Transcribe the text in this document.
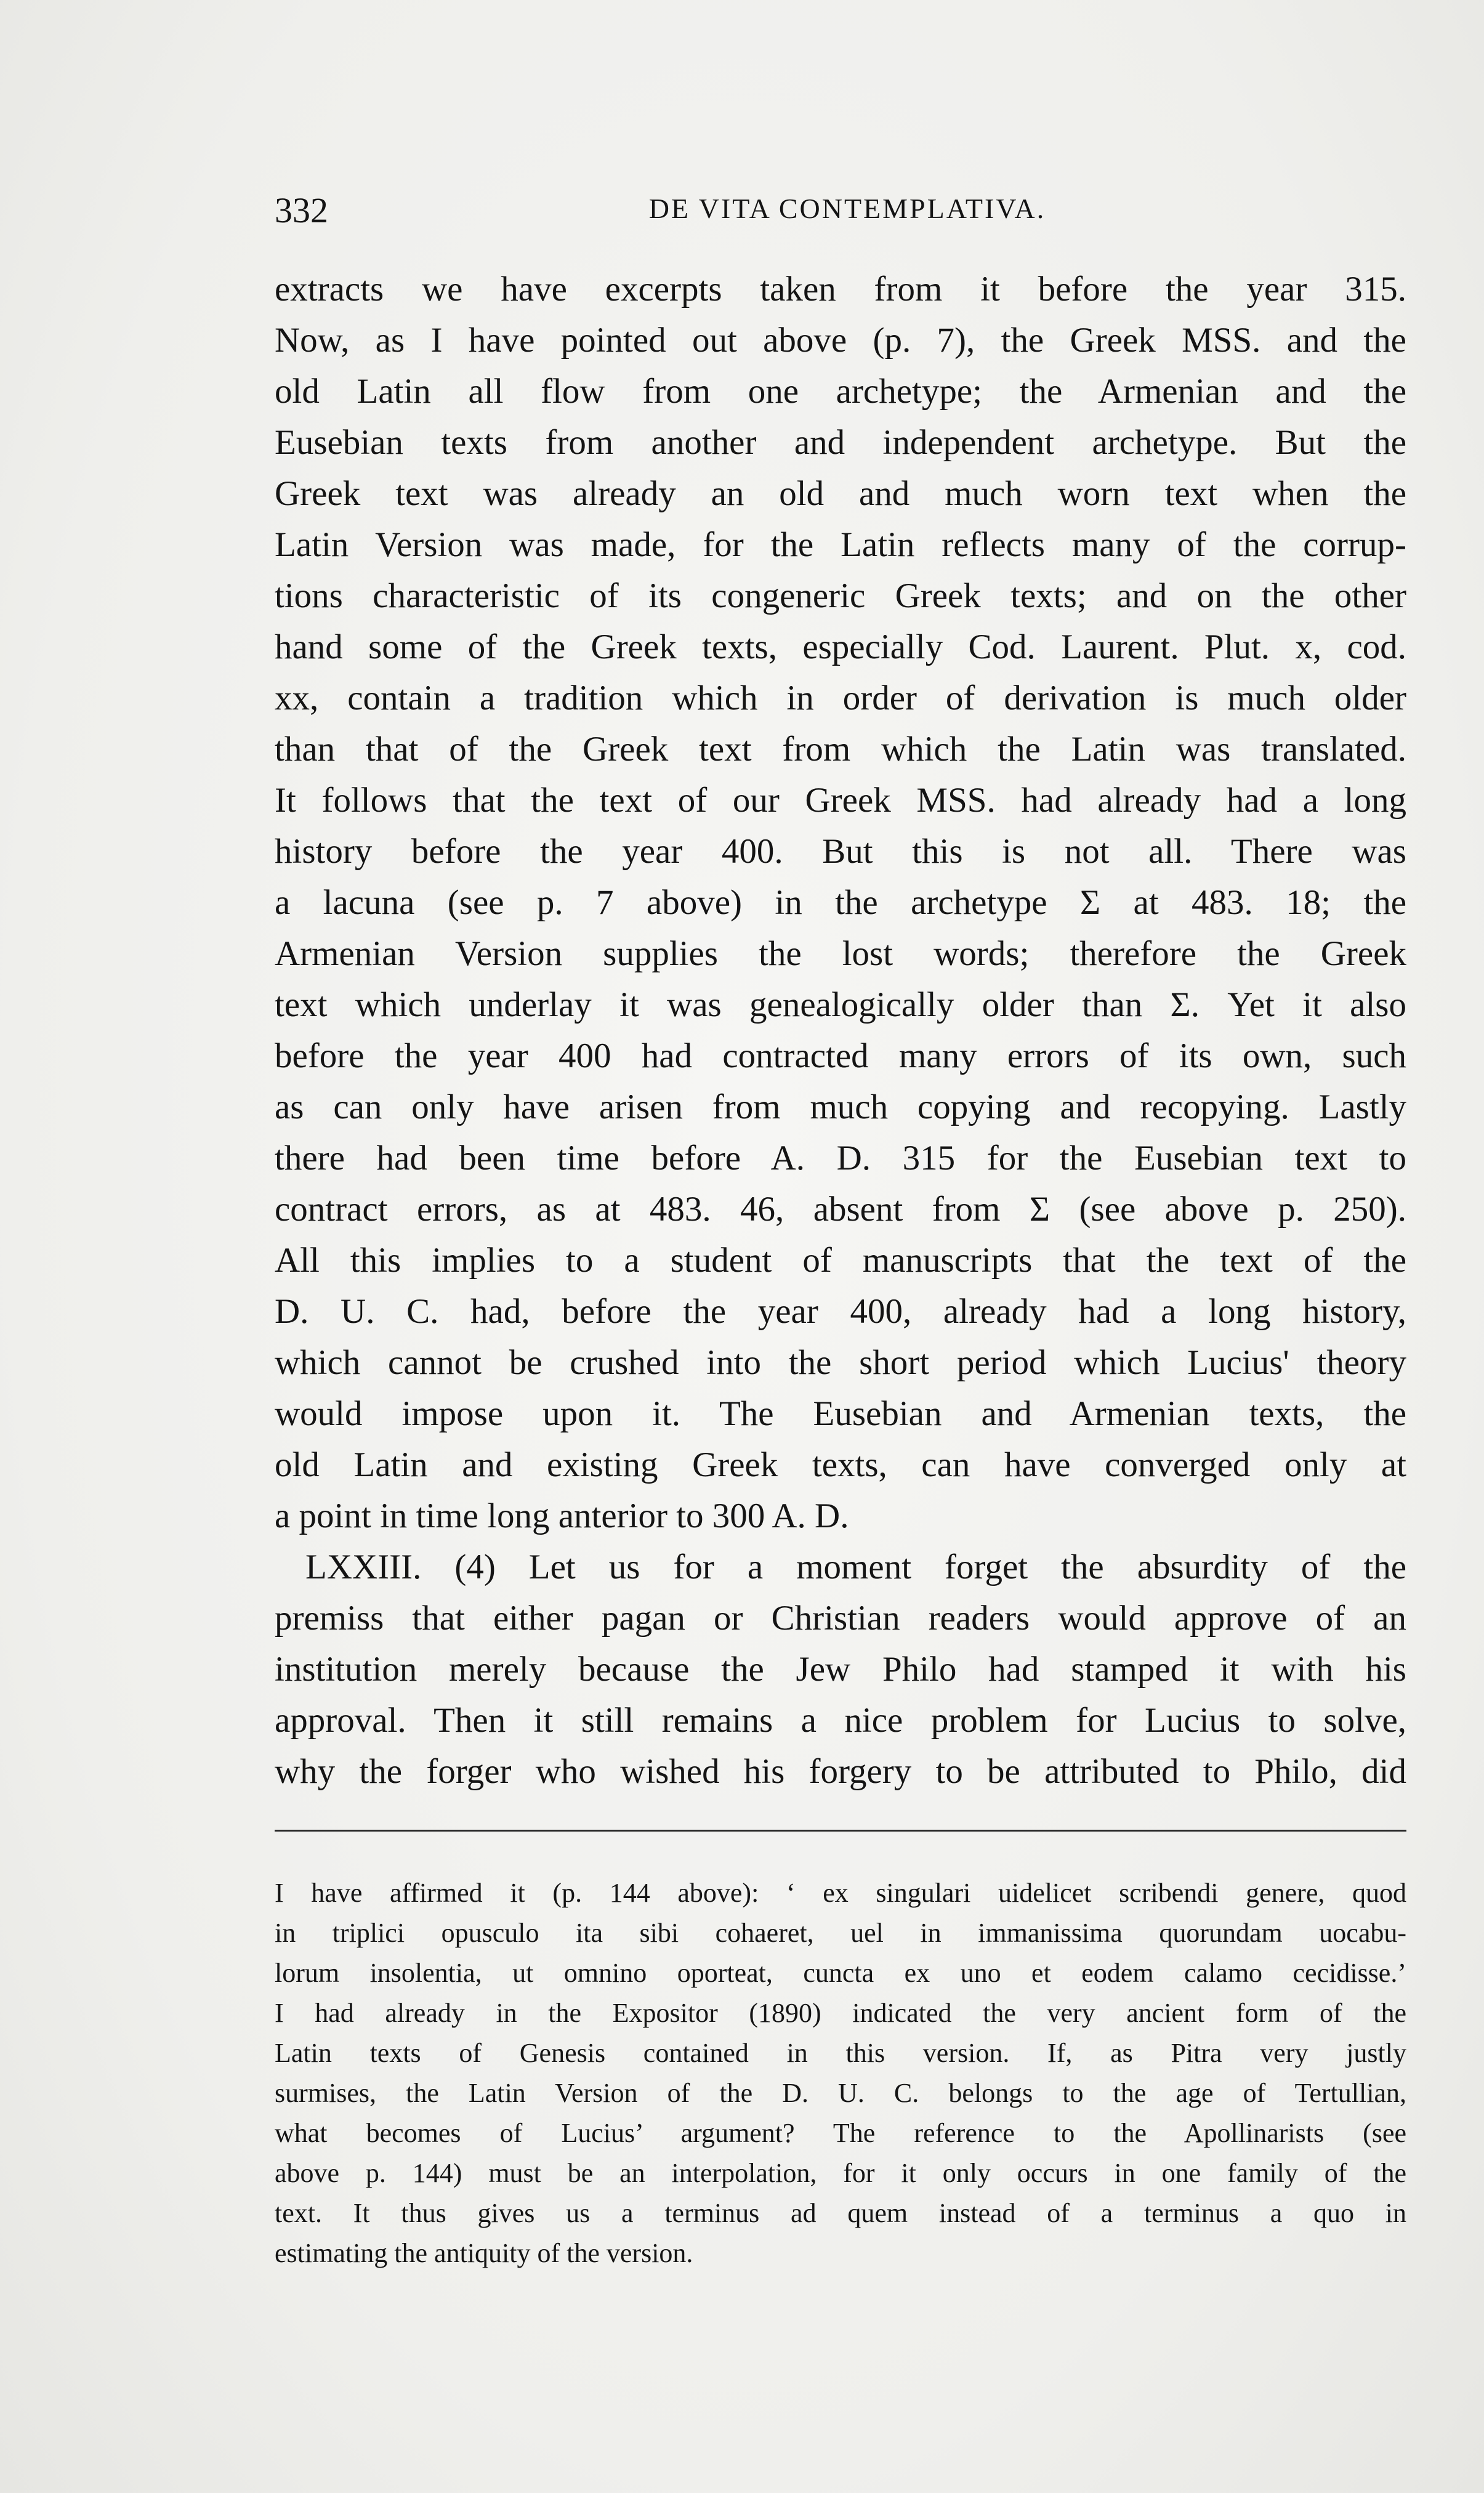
332	DE VITA CONTEMPLATIVA.
extracts we have excerpts taken from it before the year 315.
Now, as I have pointed out above (p. 7), the Greek MSS. and the
old Latin all flow from one archetype; the Armenian and the
Eusebian texts from another and independent archetype. But the
Greek text was already an old and much worn text when the
Latin Version was made, for the Latin reflects many of the corrup-
tions characteristic of its congeneric Greek texts; and on the other
hand some of the Greek texts, especially Cod. Laurent. Plut. x, cod.
xx, contain a tradition which in order of derivation is much older
than that of the Greek text from which the Latin was translated.
It follows that the text of our Greek MSS. had already had a long
history before the year 400. But this is not all. There was
a lacuna (see p. 7 above) in the archetype Σ at 483. 18; the
Armenian Version supplies the lost words; therefore the Greek
text which underlay it was genealogically older than Σ. Yet it also
before the year 400 had contracted many errors of its own, such
as can only have arisen from much copying and recopying. Lastly
there had been time before A. D. 315 for the Eusebian text to
contract errors, as at 483. 46, absent from Σ (see above p. 250).
All this implies to a student of manuscripts that the text of the
D. U. C. had, before the year 400, already had a long history,
which cannot be crushed into the short period which Lucius' theory
would impose upon it. The Eusebian and Armenian texts, the
old Latin and existing Greek texts, can have converged only at
a point in time long anterior to 300 A. D.
LXXIII. (4) Let us for a moment forget the absurdity of the
premiss that either pagan or Christian readers would approve of an
institution merely because the Jew Philo had stamped it with his
approval. Then it still remains a nice problem for Lucius to solve,
why the forger who wished his forgery to be attributed to Philo, did
I have affirmed it (p. 144 above): ‘ ex singulari uidelicet scribendi genere, quod
in triplici opusculo ita sibi cohaeret, uel in immanissima quorundam uocabu-
lorum insolentia, ut omnino oporteat, cuncta ex uno et eodem calamo cecidisse.’
I had already in the Expositor (1890) indicated the very ancient form of the
Latin texts of Genesis contained in this version. If, as Pitra very justly
surmises, the Latin Version of the D. U. C. belongs to the age of Tertullian,
what becomes of Lucius’ argument? The reference to the Apollinarists (see
above p. 144) must be an interpolation, for it only occurs in one family of the
text. It thus gives us a terminus ad quem instead of a terminus a quo in
estimating the antiquity of the version.
